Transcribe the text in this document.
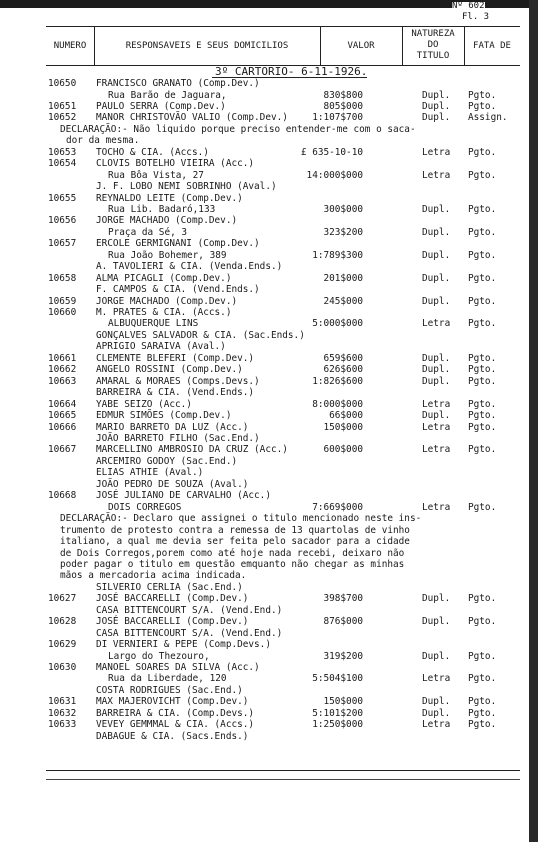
Nº 602
Fl. 3
NUMERO	RESPONSAVEIS E SEUS DOMICILIOS	VALOR
NATUREZA
DO
TITULO
FATA DE
3º CARTORIO- 6-11-1926.
10650 FRANCISCO GRANATO (Comp.Dev.)
Rua Barão de Jaguara,	830$800	Dupl. Pgto.
10651 PAULO SERRA (Comp.Dev.)	805$000	Dupl. Pgto.
10652 MANOR CHRISTOVÃO VALIO (Comp.Dev.)	1:107$700	Dupl. Assign.
DECLARAÇÃO:- Não liquido porque preciso entender-me com o saca-
dor da mesma.
10653 TOCHO & CIA. (Accs.)	£ 635-10-10	Letra Pgto.
10654 CLOVIS BOTELHO VIEIRA (Acc.)
Rua Bôa Vista, 27	14:000$000	Letra Pgto.
J. F. LOBO NEMI SOBRINHO (Aval.)
10655 REYNALDO LEITE (Comp.Dev.)
Rua Lib. Badaró,133	300$000	Dupl. Pgto.
10656 JORGE MACHADO (Comp.Dev.)
Praça da Sé, 3	323$200	Dupl. Pgto.
10657 ERCOLE GERMIGNANI (Comp.Dev.)
Rua João Bohemer, 389	1:789$300	Dupl. Pgto.
A. TAVOLIERI & CIA. (Venda.Ends.)
10658 ALMA PICAGLI (Comp.Dev.)	201$000	Dupl. Pgto.
F. CAMPOS & CIA. (Vend.Ends.)
10659 JORGE MACHADO (Comp.Dev.)	245$000	Dupl. Pgto.
10660 M. PRATES & CIA. (Accs.)
ALBUQUERQUE LINS	5:000$000	Letra Pgto.
GONÇALVES SALVADOR & CIA. (Sac.Ends.)
APRIGIO SARAIVA (Aval.)
10661 CLEMENTE BLEFERI (Comp.Dev.)	659$600	Dupl. Pgto.
10662 ANGELO ROSSINI (Comp.Dev.)	626$600	Dupl. Pgto.
10663 AMARAL & MORAES (Comps.Devs.)	1:826$600	Dupl. Pgto.
BARREIRA & CIA. (Vend.Ends.)
10664 YABE SEIZO (Acc.)	8:000$000	Letra Pgto.
10665 EDMUR SIMÕES (Comp.Dev.)	66$000	Dupl. Pgto.
10666 MARIO BARRETO DA LUZ (Acc.)	150$000	Letra Pgto.
JOÃO BARRETO FILHO (Sac.End.)
10667 MARCELLINO AMBROSIO DA CRUZ (Acc.)	600$000	Letra Pgto.
ARCEMIRO GODOY (Sac.End.)
ELIAS ATHIE (Aval.)
JOÃO PEDRO DE SOUZA (Aval.)
10668 JOSÉ JULIANO DE CARVALHO (Acc.)
DOIS CORREGOS	7:669$000	Letra Pgto.
DECLARAÇÃO:- Declaro que assignei o titulo mencionado neste ins-
trumento de protesto contra a remessa de 13 quartolas de vinho
italiano, a qual me devia ser feita pelo sacador para a cidade
de Dois Corregos,porem como até hoje nada recebi, deixaro não
poder pagar o titulo em questão emquanto não chegar as minhas
mãos a mercadoria acima indicada.
SILVERIO CERLIA (Sac.End.)
10627 JOSÉ BACCARELLI (Comp.Dev.)	398$700	Dupl. Pgto.
CASA BITTENCOURT S/A. (Vend.End.)
10628 JOSÉ BACCARELLI (Comp.Dev.)	876$000	Dupl. Pgto.
CASA BITTENCOURT S/A. (Vend.End.)
10629 DI VERNIERI & PEPE (Comp.Devs.)
Largo do Thezouro,	319$200	Dupl. Pgto.
10630 MANOEL SOARES DA SILVA (Acc.)
Rua da Liberdade, 120	5:504$100	Letra Pgto.
COSTA RODRIGUES (Sac.End.)
10631 MAX MAJEROVICHT (Comp.Dev.)	150$000	Dupl. Pgto.
10632 BARREIRA & CIA. (Comp.Devs.)	5:101$200	Dupl. Pgto.
10633 VEVEY GEMMMAL & CIA. (Accs.)	1:250$000	Letra Pgto.
DABAGUE & CIA. (Sacs.Ends.)
